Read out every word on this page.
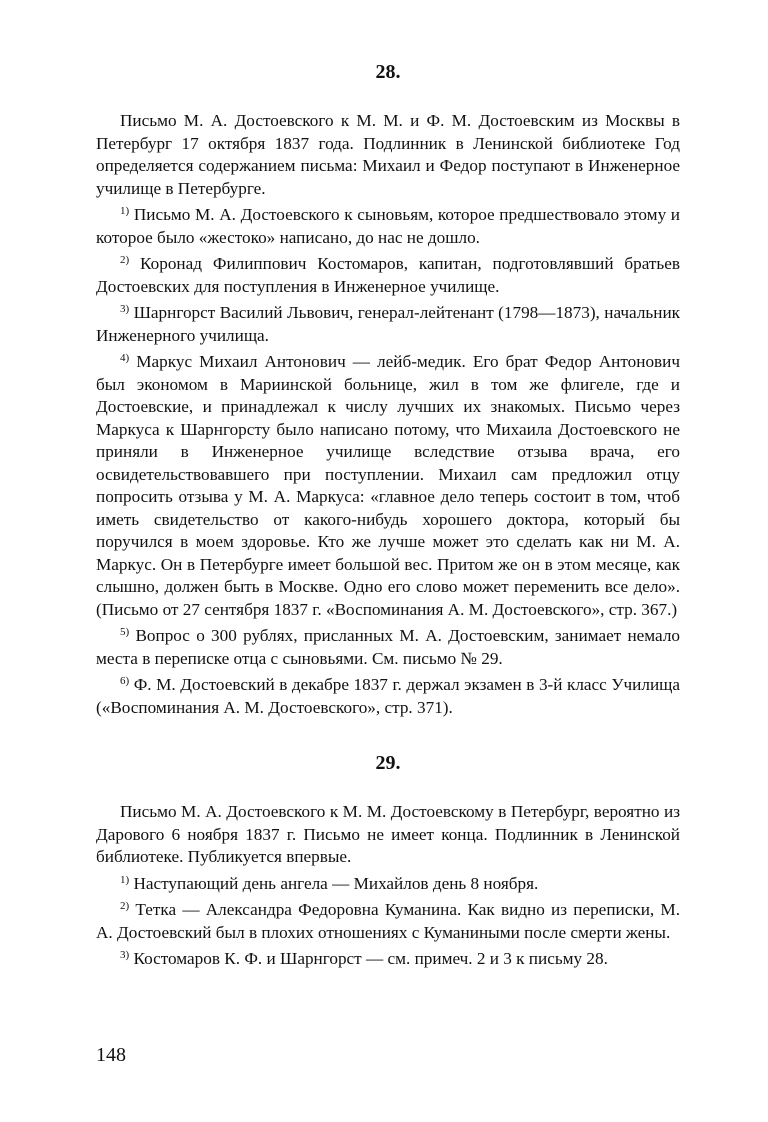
28.

Письмо М. А. Достоевского к М. М. и Ф. М. Достоевским из Москвы в Петербург 17 октября 1837 года. Подлинник в Ленинской библиотеке Год определяется содержанием письма: Михаил и Федор поступают в Инженерное училище в Петербурге.

$^{1)}$ Письмо М. А. Достоевского к сыновьям, которое предшествовало этому и которое было «жестоко» написано, до нас не дошло.

$^{2)}$ Коронад Филиппович Костомаров, капитан, подготовлявший братьев Достоевских для поступления в Инженерное училище.

$^{3)}$ Шарнгорст Василий Львович, генерал-лейтенант (1798—1873), начальник Инженерного училища.

$^{4)}$ Маркус Михаил Антонович — лейб-медик. Его брат Федор Антонович был экономом в Мариинской больнице, жил в том же флигеле, где и Достоевские, и принадлежал к числу лучших их знакомых. Письмо через Маркуса к Шарнгорсту было написано потому, что Михаила Достоевского не приняли в Инженерное училище вследствие отзыва врача, его освидетельствовавшего при поступлении. Михаил сам предложил отцу попросить отзыва у М. А. Маркуса: «главное дело теперь состоит в том, чтоб иметь свидетельство от какого-нибудь хорошего доктора, который бы поручился в моем здоровье. Кто же лучше может это сделать как ни М. А. Маркус. Он в Петербурге имеет большой вес. Притом же он в этом месяце, как слышно, должен быть в Москве. Одно его слово может переменить все дело». (Письмо от 27 сентября 1837 г. «Воспоминания А. М. Достоевского», стр. 367.)

$^{5)}$ Вопрос о 300 рублях, присланных М. А. Достоевским, занимает немало места в переписке отца с сыновьями. См. письмо № 29.

$^{6)}$ Ф. М. Достоевский в декабре 1837 г. держал экзамен в 3-й класс Училища («Воспоминания А. М. Достоевского», стр. 371).

29.

Письмо М. А. Достоевского к М. М. Достоевскому в Петербург, вероятно из Дарового 6 ноября 1837 г. Письмо не имеет конца. Подлинник в Ленинской библиотеке. Публикуется впервые.

$^{1)}$ Наступающий день ангела — Михайлов день 8 ноября.

$^{2)}$ Тетка — Александра Федоровна Куманина. Как видно из переписки, М. А. Достоевский был в плохих отношениях с Куманиными после смерти жены.

$^{3)}$ Костомаров К. Ф. и Шарнгорст — см. примеч. 2 и 3 к письму 28.

148
